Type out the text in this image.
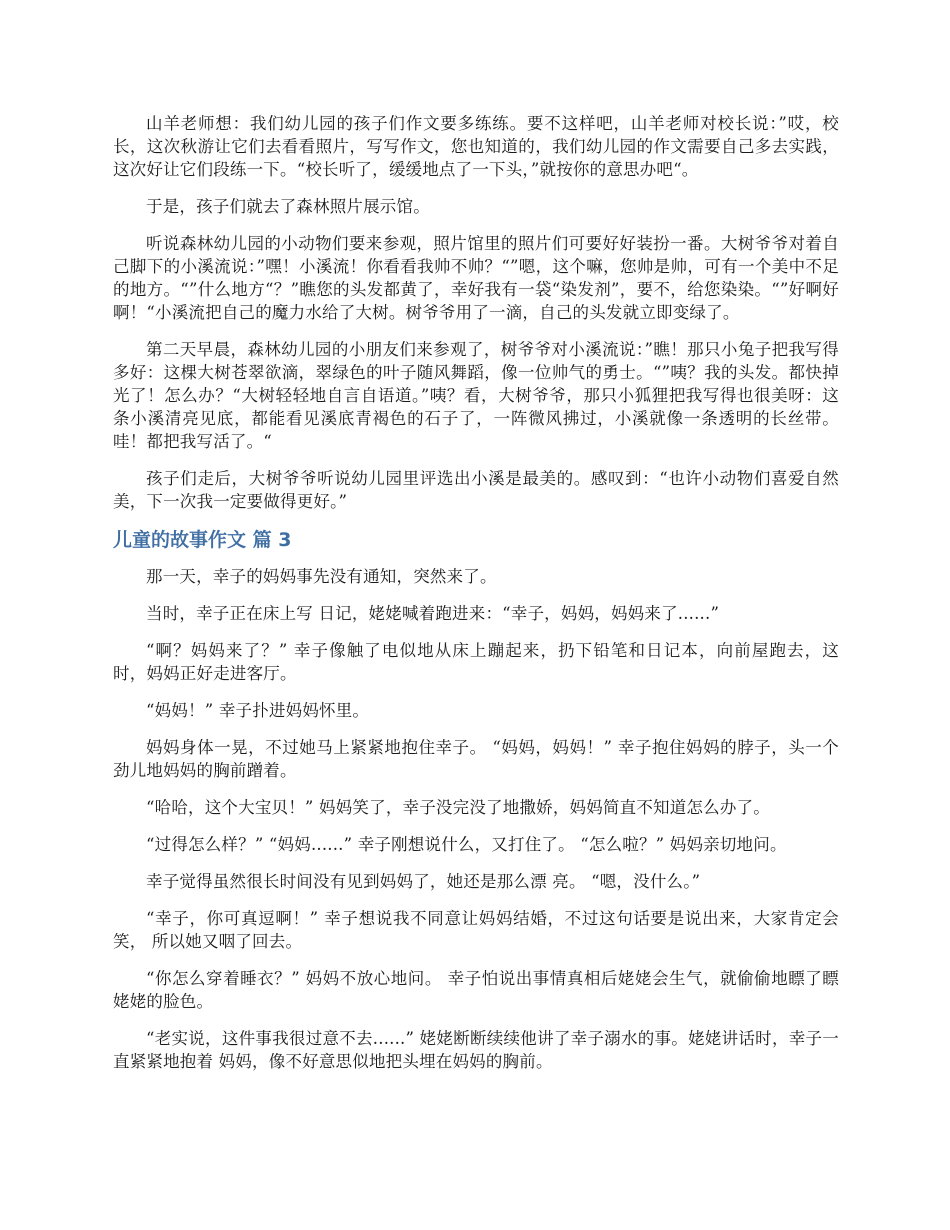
山羊老师想：我们幼儿园的孩子们作文要多练练。要不这样吧，山羊老师对校长说：”哎，校长，这次秋游让它们去看看照片，写写作文，您也知道的，我们幼儿园的作文需要自己多去实践，这次好让它们段练一下。“校长听了，缓缓地点了一下头，”就按你的意思办吧“。

于是，孩子们就去了森林照片展示馆。

听说森林幼儿园的小动物们要来参观，照片馆里的照片们可要好好装扮一番。大树爷爷对着自己脚下的小溪流说：”嘿！小溪流！你看看我帅不帅？“”嗯，这个嘛，您帅是帅，可有一个美中不足的地方。“”什么地方“？”瞧您的头发都黄了，幸好我有一袋“染发剂”，要不，给您染染。“”好啊好啊！“小溪流把自己的魔力水给了大树。树爷爷用了一滴，自己的头发就立即变绿了。

第二天早晨，森林幼儿园的小朋友们来参观了，树爷爷对小溪流说：”瞧！那只小兔子把我写得多好：这棵大树苍翠欲滴，翠绿色的叶子随风舞蹈，像一位帅气的勇士。“”咦？我的头发。都快掉光了！怎么办？“大树轻轻地自言自语道。”咦？看，大树爷爷，那只小狐狸把我写得也很美呀：这条小溪清亮见底，都能看见溪底青褐色的石子了，一阵微风拂过，小溪就像一条透明的长丝带。哇！都把我写活了。“

孩子们走后，大树爷爷听说幼儿园里评选出小溪是最美的。感叹到：“也许小动物们喜爱自然美，下一次我一定要做得更好。”

儿童的故事作文 篇 3

那一天，幸子的妈妈事先没有通知，突然来了。

当时，幸子正在床上写 日记，姥姥喊着跑进来：“幸子，妈妈，妈妈来了......”

“啊？妈妈来了？” 幸子像触了电似地从床上蹦起来，扔下铅笔和日记本，向前屋跑去，这 时，妈妈正好走进客厅。

“妈妈！” 幸子扑进妈妈怀里。

妈妈身体一晃，不过她马上紧紧地抱住幸子。 “妈妈，妈妈！” 幸子抱住妈妈的脖子，头一个劲儿地妈妈的胸前蹭着。

“哈哈，这个大宝贝！” 妈妈笑了，幸子没完没了地撒娇，妈妈简直不知道怎么办了。

“过得怎么样？” “妈妈......” 幸子刚想说什么，又打住了。 “怎么啦？” 妈妈亲切地问。

幸子觉得虽然很长时间没有见到妈妈了，她还是那么漂 亮。 “嗯，没什么。”

“幸子，你可真逗啊！” 幸子想说我不同意让妈妈结婚，不过这句话要是说出来，大家肯定会笑， 所以她又咽了回去。

“你怎么穿着睡衣？” 妈妈不放心地问。 幸子怕说出事情真相后姥姥会生气，就偷偷地瞟了瞟姥姥的脸色。

“老实说，这件事我很过意不去......” 姥姥断断续续他讲了幸子溺水的事。姥姥讲话时，幸子一直紧紧地抱着 妈妈，像不好意思似地把头埋在妈妈的胸前。
